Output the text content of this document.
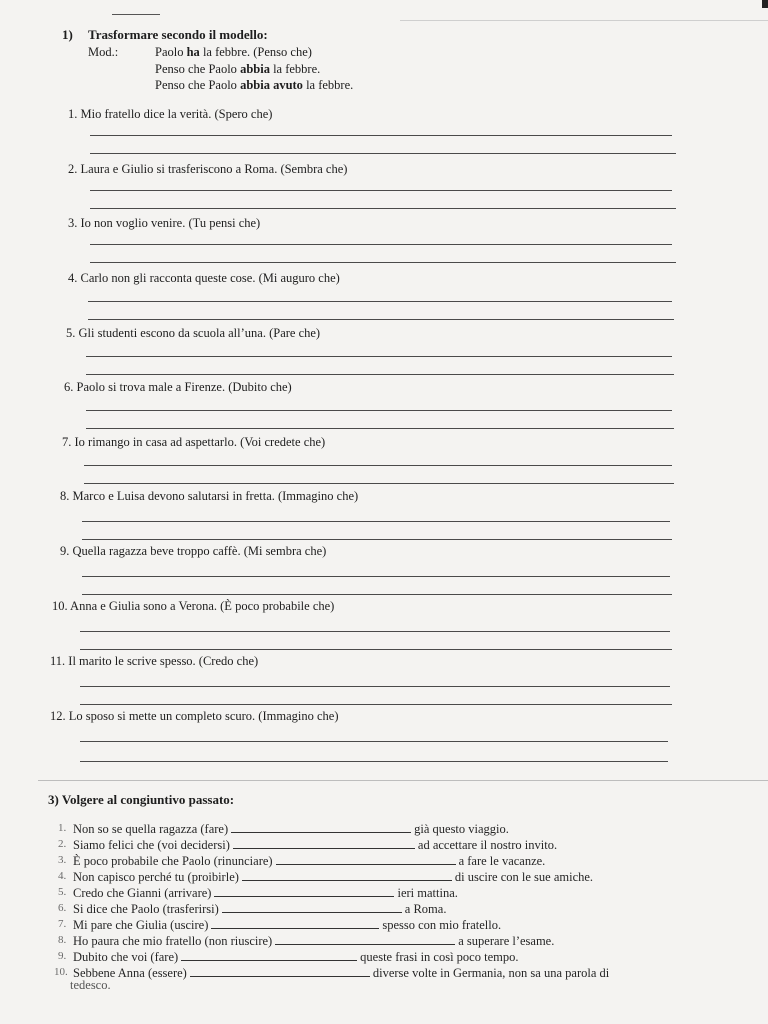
1) Trasformare secondo il modello:
Mod.:	Paolo ha la febbre. (Penso che)
Penso che Paolo abbia la febbre.
Penso che Paolo abbia avuto la febbre.
1. Mio fratello dice la verità. (Spero che)
2. Laura e Giulio si trasferiscono a Roma. (Sembra che)
3. Io non voglio venire. (Tu pensi che)
4. Carlo non gli racconta queste cose. (Mi auguro che)
5. Gli studenti escono da scuola all’una. (Pare che)
6. Paolo si trova male a Firenze. (Dubito che)
7. Io rimango in casa ad aspettarlo. (Voi credete che)
8. Marco e Luisa devono salutarsi in fretta. (Immagino che)
9. Quella ragazza beve troppo caffè. (Mi sembra che)
10. Anna e Giulia sono a Verona. (È poco probabile che)
11. Il marito le scrive spesso. (Credo che)
12. Lo sposo si mette un completo scuro. (Immagino che)
3) Volgere al congiuntivo passato:
1. Non so se quella ragazza (fare)	già questo viaggio.
2. Siamo felici che (voi decidersi)	ad accettare il nostro invito.
3. È poco probabile che Paolo (rinunciare)	a fare le vacanze.
4. Non capisco perché tu (proibirle)	di uscire con le sue amiche.
5. Credo che Gianni (arrivare)	ieri mattina.
6. Si dice che Paolo (trasferirsi)	a Roma.
7. Mi pare che Giulia (uscire)	spesso con mio fratello.
8. Ho paura che mio fratello (non riuscire)	a superare l’esame.
9. Dubito che voi (fare)	queste frasi in così poco tempo.
10. Sebbene Anna (essere)	diverse volte in Germania, non sa una parola di
tedesco.
